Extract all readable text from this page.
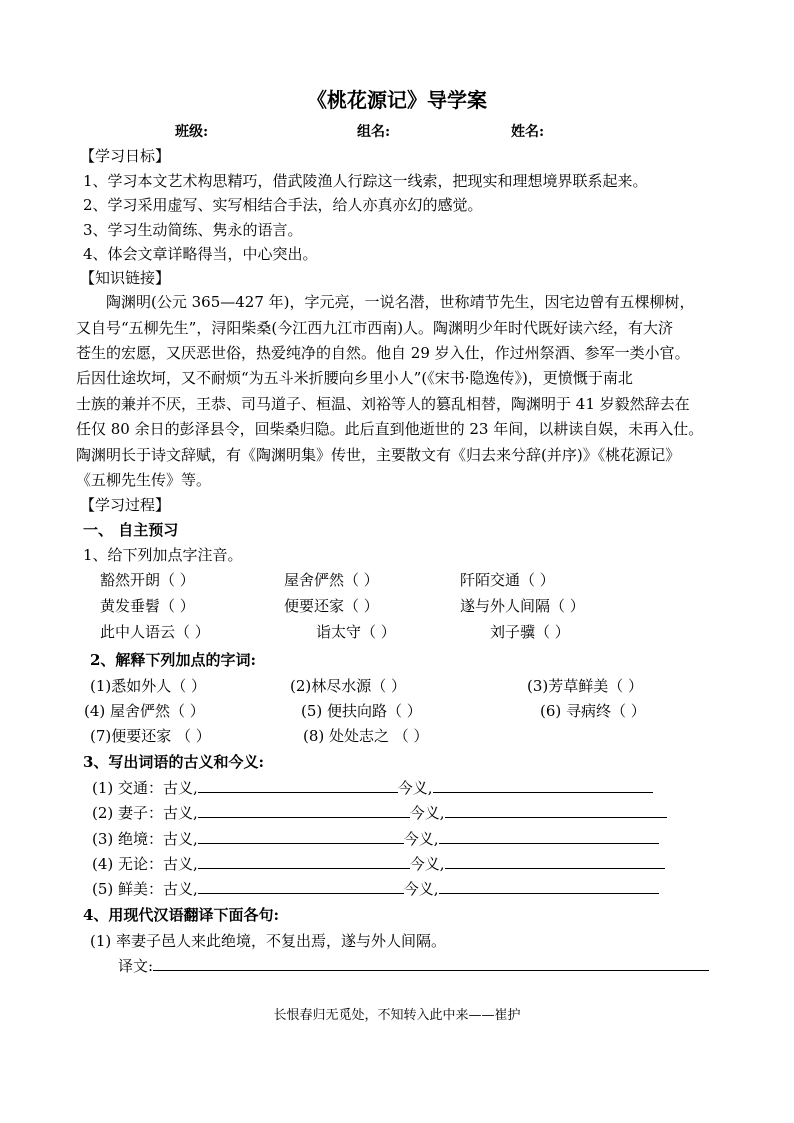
《桃花源记》导学案
班级:	组名:	姓名:
【学习日标】
1、学习本文艺术构思精巧，借武陵渔人行踪这一线索，把现实和理想境界联系起来。
2、学习采用虚写、实写相结合手法，给人亦真亦幻的感觉。
3、学习生动简练、隽永的语言。
4、体会文章详略得当，中心突出。
【知识链接】
陶渊明(公元 365—427 年)，字元亮，一说名潜，世称靖节先生，因宅边曾有五棵柳树，
又自号“五柳先生”，浔阳柴桑(今江西九江市西南)人。陶渊明少年时代既好读六经，有大济
苍生的宏愿，又厌恶世俗，热爱纯净的自然。他自 29 岁入仕，作过州祭酒、参军一类小官。
后因仕途坎坷，又不耐烦“为五斗米折腰向乡里小人”(《宋书·隐逸传》)，更愤慨于南北
士族的兼并不厌，王恭、司马道子、桓温、刘裕等人的篡乱相替，陶渊明于 41 岁毅然辞去在
任仅 80 余日的彭泽县令，回柴桑归隐。此后直到他逝世的 23 年间，以耕读自娱，未再入仕。
陶渊明长于诗文辞赋，有《陶渊明集》传世，主要散文有《归去来兮辞(并序)》《桃花源记》
《五柳先生传》等。
【学习过程】
一、 自主预习
1、给下列加点字注音。
豁然开朗（ ）	屋舍俨然（ ）	阡陌交通（ ）
黄发垂髫（ ）	便要还家（ ）	遂与外人间隔（ ）
此中人语云（ ）	诣太守（ ）	刘子骥（ ）
2、解释下列加点的字词:
(1)悉如外人（ ）	(2)林尽水源（ ）	(3)芳草鲜美（ ）
(4) 屋舍俨然（ ）	(5) 便扶向路（ ）	(6) 寻病终（ ）
(7)便要还家 （ ）	(8) 处处志之 （ ）
3、写出词语的古义和今义:
(1) 交通：古义,	今义,
(2) 妻子：古义,	今义,
(3) 绝境：古义,	今义,
(4) 无论：古义,	今义,
(5) 鲜美：古义,	今义,
4、用现代汉语翻译下面各句:
(1) 率妻子邑人来此绝境，不复出焉，遂与外人间隔。
译文:
长恨春归无觅处，不知转入此中来——崔护
